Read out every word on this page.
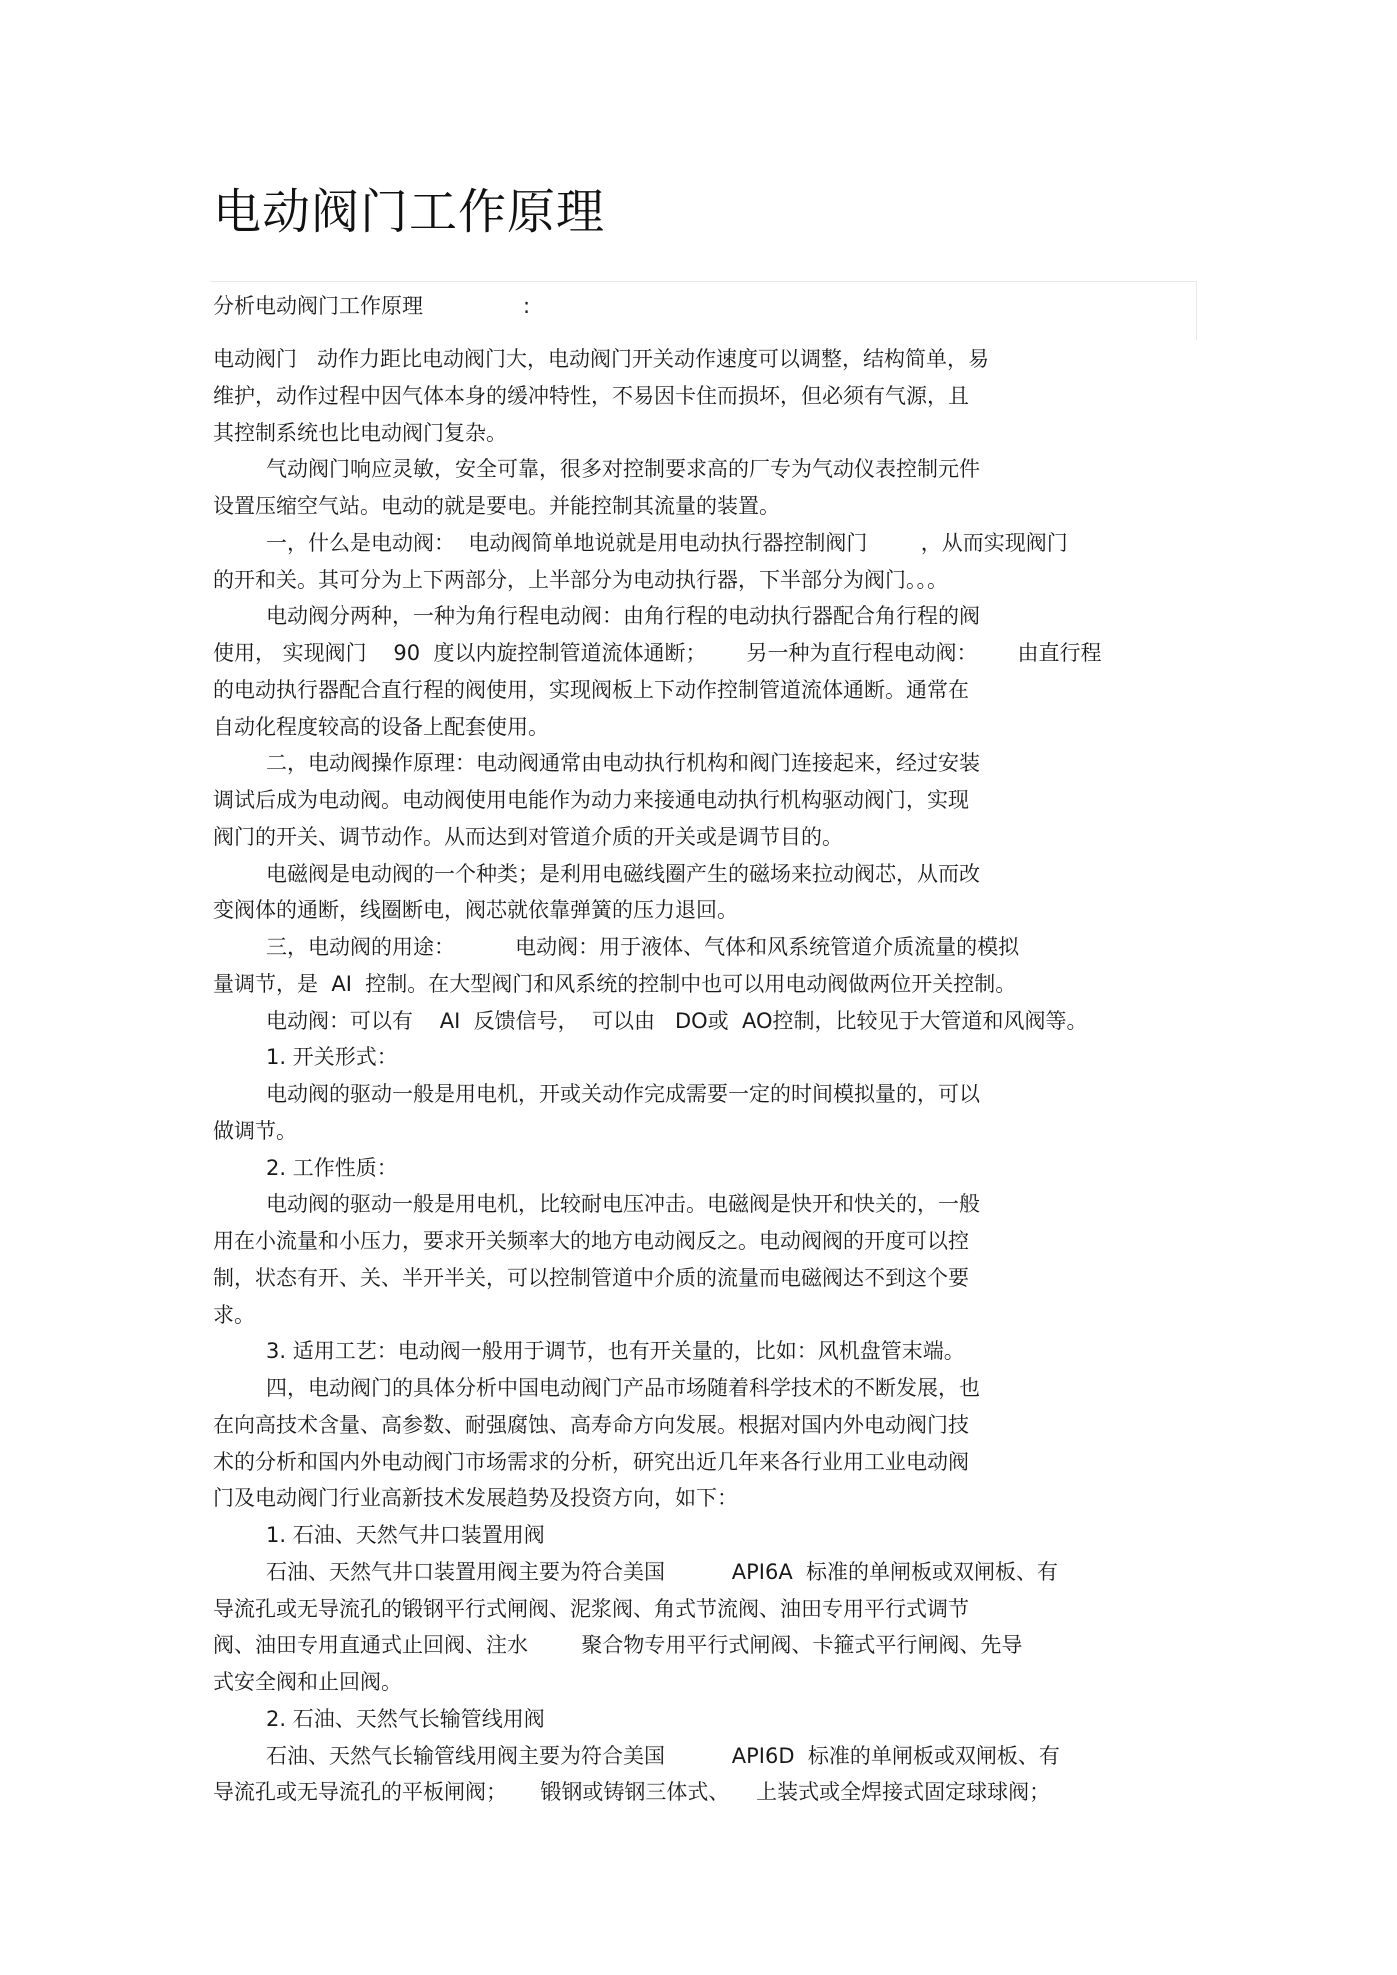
电动阀门工作原理
分析电动阀门工作原理	:
电动阀门   动作力距比电动阀门大，电动阀门开关动作速度可以调整，结构简单，易
维护，动作过程中因气体本身的缓冲特性，不易因卡住而损坏，但必须有气源，且
其控制系统也比电动阀门复杂。
气动阀门响应灵敏，安全可靠，很多对控制要求高的厂专为气动仪表控制元件
设置压缩空气站。电动的就是要电。并能控制其流量的装置。
一，什么是电动阀：  电动阀简单地说就是用电动执行器控制阀门        ，从而实现阀门
的开和关。其可分为上下两部分，上半部分为电动执行器，下半部分为阀门。。。
电动阀分两种，一种为角行程电动阀：由角行程的电动执行器配合角行程的阀
使用， 实现阀门    90  度以内旋控制管道流体通断；      另一种为直行程电动阀：      由直行程
的电动执行器配合直行程的阀使用，实现阀板上下动作控制管道流体通断。通常在
自动化程度较高的设备上配套使用。
二，电动阀操作原理：电动阀通常由电动执行机构和阀门连接起来，经过安装
调试后成为电动阀。电动阀使用电能作为动力来接通电动执行机构驱动阀门，实现
阀门的开关、调节动作。从而达到对管道介质的开关或是调节目的。
电磁阀是电动阀的一个种类；是利用电磁线圈产生的磁场来拉动阀芯，从而改
变阀体的通断，线圈断电，阀芯就依靠弹簧的压力退回。
三，电动阀的用途：         电动阀：用于液体、气体和风系统管道介质流量的模拟
量调节，是  AI  控制。在大型阀门和风系统的控制中也可以用电动阀做两位开关控制。
电动阀：可以有    AI  反馈信号，  可以由   DO或  AO控制，比较见于大管道和风阀等。
1. 开关形式：
电动阀的驱动一般是用电机，开或关动作完成需要一定的时间模拟量的，可以
做调节。
2. 工作性质：
电动阀的驱动一般是用电机，比较耐电压冲击。电磁阀是快开和快关的，一般
用在小流量和小压力，要求开关频率大的地方电动阀反之。电动阀阀的开度可以控
制，状态有开、关、半开半关，可以控制管道中介质的流量而电磁阀达不到这个要
求。
3. 适用工艺：电动阀一般用于调节，也有开关量的，比如：风机盘管末端。
四，电动阀门的具体分析中国电动阀门产品市场随着科学技术的不断发展，也
在向高技术含量、高参数、耐强腐蚀、高寿命方向发展。根据对国内外电动阀门技
术的分析和国内外电动阀门市场需求的分析，研究出近几年来各行业用工业电动阀
门及电动阀门行业高新技术发展趋势及投资方向，如下：
1. 石油、天然气井口装置用阀
石油、天然气井口装置用阀主要为符合美国          API6A  标准的单闸板或双闸板、有
导流孔或无导流孔的锻钢平行式闸阀、泥浆阀、角式节流阀、油田专用平行式调节
阀、油田专用直通式止回阀、注水        聚合物专用平行式闸阀、卡箍式平行闸阀、先导
式安全阀和止回阀。
2. 石油、天然气长输管线用阀
石油、天然气长输管线用阀主要为符合美国          API6D  标准的单闸板或双闸板、有
导流孔或无导流孔的平板闸阀；     锻钢或铸钢三体式、    上装式或全焊接式固定球球阀；
